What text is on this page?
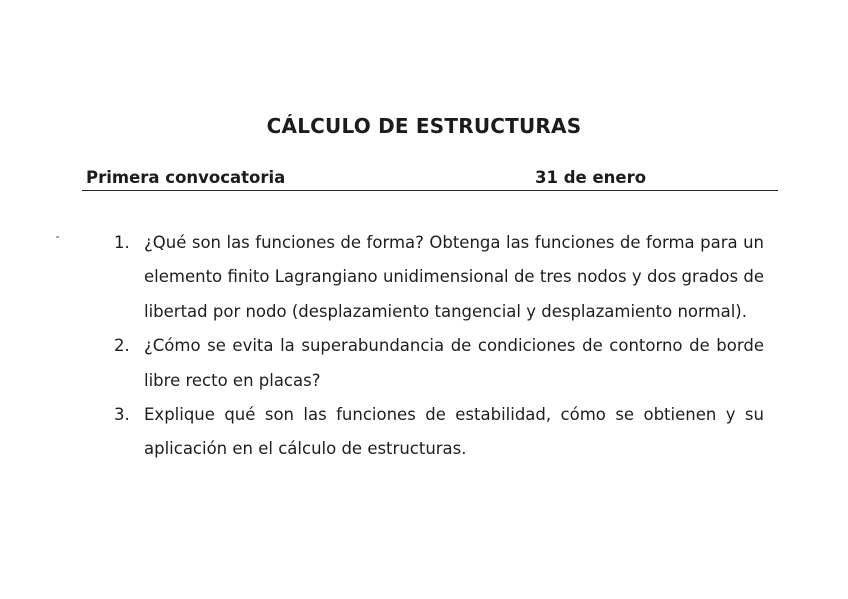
CÁLCULO DE ESTRUCTURAS
Primera convocatoria	31 de enero
1. ¿Qué son las funciones de forma? Obtenga las funciones de forma para un elemento finito Lagrangiano unidimensional de tres nodos y dos grados de libertad por nodo (desplazamiento tangencial y desplazamiento normal).
2. ¿Cómo se evita la superabundancia de condiciones de contorno de borde libre recto en placas?
3. Explique qué son las funciones de estabilidad, cómo se obtienen y su aplicación en el cálculo de estructuras.
